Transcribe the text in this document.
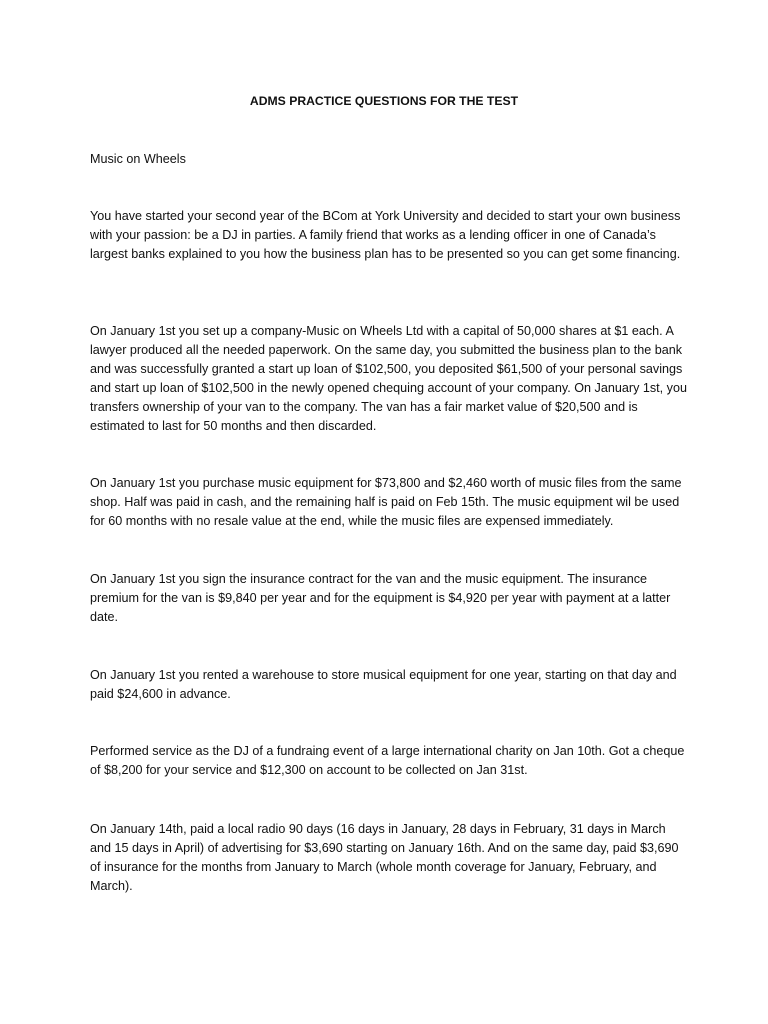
ADMS PRACTICE QUESTIONS FOR THE TEST
Music on Wheels

You have started your second year of the BCom at York University and decided to start your own business with your passion: be a DJ in parties. A family friend that works as a lending officer in one of Canada’s largest banks explained to you how the business plan has to be presented so you can get some financing.

On January 1st you set up a company-Music on Wheels Ltd with a capital of 50,000 shares at $1 each. A lawyer produced all the needed paperwork. On the same day, you submitted the business plan to the bank and was successfully granted a start up loan of $102,500, you deposited $61,500 of your personal savings and start up loan of $102,500 in the newly opened chequing account of your company. On January 1st, you transfers ownership of your van to the company. The van has a fair market value of $20,500 and is estimated to last for 50 months and then discarded.

On January 1st you purchase music equipment for $73,800 and $2,460 worth of music files from the same shop. Half was paid in cash, and the remaining half is paid on Feb 15th. The music equipment wil be used for 60 months with no resale value at the end, while the music files are expensed immediately.

On January 1st you sign the insurance contract for the van and the music equipment. The insurance premium for the van is $9,840 per year and for the equipment is $4,920 per year with payment at a latter date.

On January 1st you rented a warehouse to store musical equipment for one year, starting on that day and paid $24,600 in advance.

Performed service as the DJ of a fundraing event of a large international charity on Jan 10th. Got a cheque of $8,200 for your service and $12,300 on account to be collected on Jan 31st.

On January 14th, paid a local radio 90 days (16 days in January, 28 days in February, 31 days in March and 15 days in April) of advertising for $3,690 starting on January 16th. And on the same day, paid $3,690 of insurance for the months from January to March (whole month coverage for January, February, and March).
